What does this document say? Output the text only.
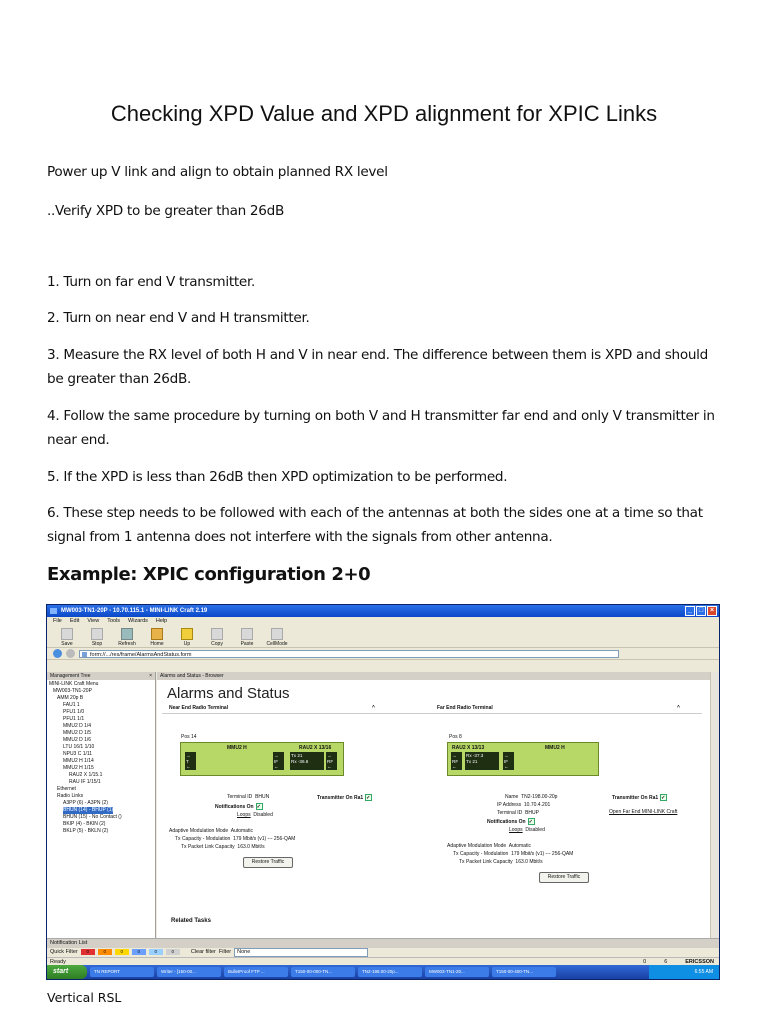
Checking XPD Value and XPD alignment for XPIC Links
Power up V link and align to obtain planned RX level
..Verify XPD to be greater than 26dB
1. Turn on far end V transmitter.
2. Turn on near end V and H transmitter.
3. Measure the RX level of both H and V in near end. The difference between them is XPD and should be greater than 26dB.
4. Follow the same procedure by turning on both V and H transmitter far end and only V transmitter in near end.
5. If the XPD is less than 26dB then XPD optimization to be performed.
6. These step needs to be followed with each of the antennas at both the sides one at a time so that signal from 1 antenna does not interfere with the signals from other antenna.
Example: XPIC configuration 2+0
MW003-TN1-20P - 10.70.115.1 - MINI-LINK Craft 2.19	_ □ ×
File Edit View Tools Wizards Help
Save	Stop	Refresh	Home	Up	Copy	Paste	CellMode
form://.../res/frame/AlarmsAndStatus.form
Management Tree	×
MINI-LINK Craft Menu
MW003-TN1-20P
AMM 20p B
FAU1 1
PFU1 1/0
PFU1 1/1
MMU2 D 1/4
MMU2 D 1/5
MMU2 D 1/6
LTU 16/1 1/10
NPU3 C 1/11
MMU2 H 1/14
MMU2 H 1/15
RAU2 X 1/15.1
RAU IF 1/15/1
Ethernet
Radio Links
A3PP (6) - A3PN (2)
BHUN (14) - BHUP (1)
BHUN (15) - No Contact ()
BKIP (4) - BKIN (2)
BKLP (5) - BKLN (2)
Alarms and Status - Browser
Alarms and Status
Near End Radio Terminal	Far End Radio Terminal
^	^
Pos 14
MMU2 H	RAU2 X 13/16
→
T
←
→
IF
←
Tx 21
Rx -36.6
→
RF
←
Pos 8
RAU2 X 13/13	MMU2 H
→
RF
←
Rx -37.3
Tx 21
→
IF
←
Terminal ID BHUN
Notifications On ✓
Loops Disabled
Transmitter On Ra1 ✓
Adaptive Modulation Mode Automatic
Tx Capacity - Modulation 179 Mbit/s (v1) --- 256-QAM
Tx Packet Link Capacity 163.0 Mbit/s
Restore Traffic
Name TN2-198.00-20p
IP Address 10.70.4.201
Terminal ID BHUP
Notifications On ✓
Loops Disabled
Transmitter On Ra1 ✓
Open Far End MINI-LINK Craft
Adaptive Modulation Mode Automatic
Tx Capacity - Modulation 179 Mbit/s (v1) --- 256-QAM
Tx Packet Link Capacity 163.0 Mbit/s
Restore Traffic
Related Tasks
Notification List
Quick Filter	0	0	0	0	0	0	Clear filter Filter	None
Ready	0	6	ERICSSON
start	TN REPORT	Writer - [150-00...	BulletProof FTP ...	T150-00-000-TN...	TN2-198.00-20p...	MW003-TN1-20...	T150-00-400-TN...	6:55 AM
Vertical RSL
